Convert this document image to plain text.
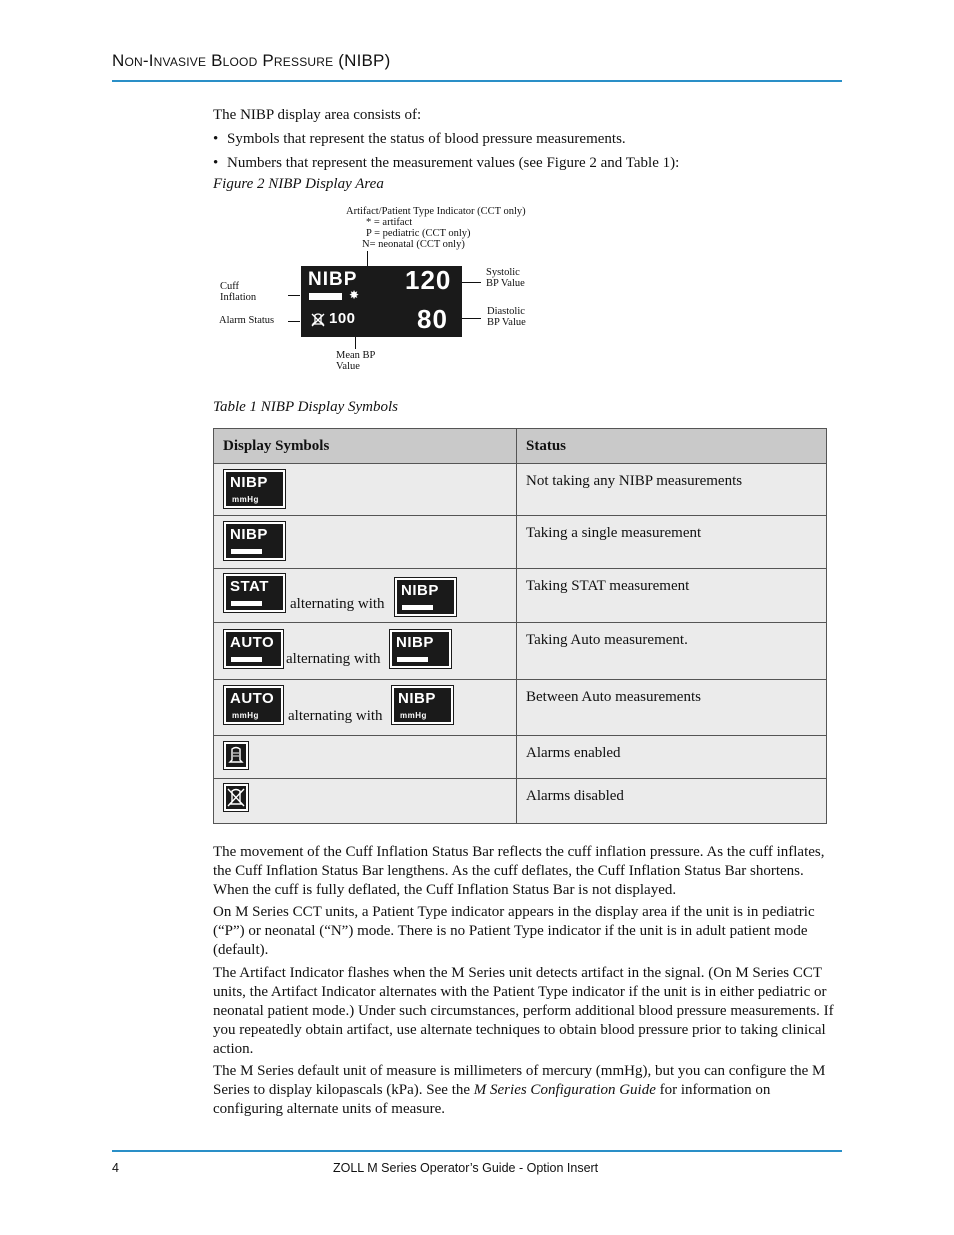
Non-Invasive Blood Pressure (NIBP)
The NIBP display area consists of:
• Symbols that represent the status of blood pressure measurements.
• Numbers that represent the measurement values (see Figure 2 and Table 1):
Figure 2 NIBP Display Area
Artifact/Patient Type Indicator (CCT only)
* = artifact
P = pediatric (CCT only)
N= neonatal (CCT only)
Cuff
Inflation
Alarm Status
Mean BP
Value
Systolic
BP Value
Diastolic
BP Value
NIBP
✸ 120
80
100
Table 1 NIBP Display Symbols
Display Symbols	Status

NIBP
mmHg	Not taking any NIBP measurements

NIBP	Taking a single measurement

STAT
alternating with
NIBP	Taking STAT measurement

AUTO
alternating with
NIBP	Taking Auto measurement.

AUTO
mmHg alternating with
NIBP
mmHg	Between Auto measurements

	Alarms enabled

	Alarms disabled
The movement of the Cuff Inflation Status Bar reflects the cuff inflation pressure. As the cuff inflates, the Cuff Inflation Status Bar lengthens. As the cuff deflates, the Cuff Inflation Status Bar shortens. When the cuff is fully deflated, the Cuff Inflation Status Bar is not displayed.
On M Series CCT units, a Patient Type indicator appears in the display area if the unit is in pediatric (“P”) or neonatal (“N”) mode. There is no Patient Type indicator if the unit is in adult patient mode (default).
The Artifact Indicator flashes when the M Series unit detects artifact in the signal. (On M Series CCT units, the Artifact Indicator alternates with the Patient Type indicator if the unit is in either pediatric or neonatal patient mode.) Under such circumstances, perform additional blood pressure measurements. If you repeatedly obtain artifact, use alternate techniques to obtain blood pressure prior to taking clinical action.
The M Series default unit of measure is millimeters of mercury (mmHg), but you can configure the M Series to display kilopascals (kPa). See the M Series Configuration Guide for information on configuring alternate units of measure.
4	ZOLL M Series Operator’s Guide - Option Insert
